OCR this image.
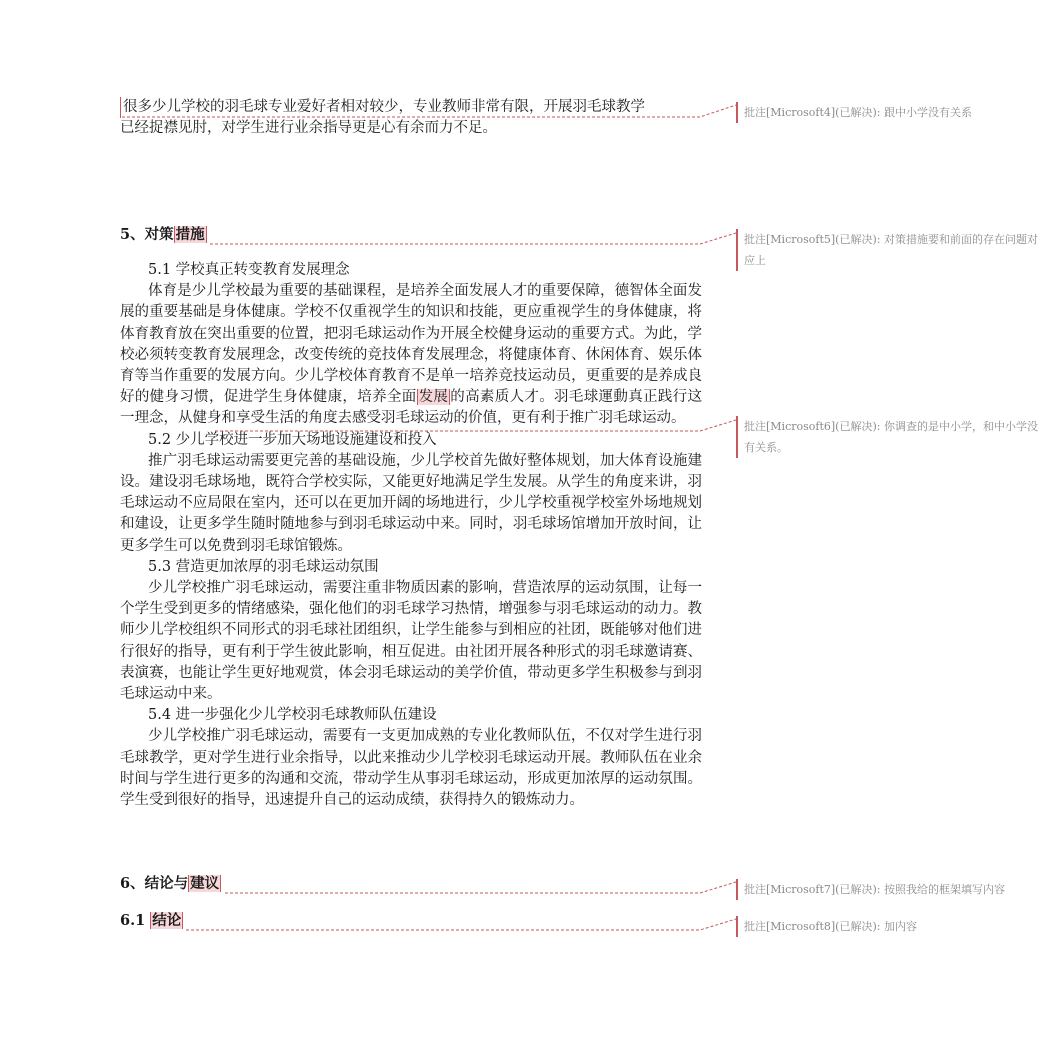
很多少儿学校的羽毛球专业爱好者相对较少，专业教师非常有限，开展羽毛球教学

已经捉襟见肘，对学生进行业余指导更是心有余而力不足。

5、对策 措施

5.1 学校真正转变教育发展理念

体育是少儿学校最为重要的基础课程，是培养全面发展人才的重要保障，德智体全面发展的重要基础是身体健康。学校不仅重视学生的知识和技能，更应重视学生的身体健康，将体育教育放在突出重要的位置，把羽毛球运动作为开展全校健身运动的重要方式。为此，学校必须转变教育发展理念，改变传统的竞技体育发展理念，将健康体育、休闲体育、娱乐体育等当作重要的发展方向。少儿学校体育教育不是单一培养竞技运动员，更重要的是养成良好的健身习惯，促进学生身体健康，培养全面 发展 的高素质人才。羽毛球運動真正践行这一理念，从健身和享受生活的角度去感受羽毛球运动的价值，更有利于推广羽毛球运动。

5.2 少儿学校进一步加大场地设施建设和投入

推广羽毛球运动需要更完善的基础设施，少儿学校首先做好整体规划，加大体育设施建设。建设羽毛球场地，既符合学校实际，又能更好地满足学生发展。从学生的角度来讲，羽毛球运动不应局限在室内，还可以在更加开阔的场地进行，少儿学校重视学校室外场地规划和建设，让更多学生随时随地参与到羽毛球运动中来。同时，羽毛球场馆增加开放时间，让更多学生可以免费到羽毛球馆锻炼。

5.3 营造更加浓厚的羽毛球运动氛围

少儿学校推广羽毛球运动，需要注重非物质因素的影响，营造浓厚的运动氛围，让每一个学生受到更多的情绪感染，强化他们的羽毛球学习热情，增强参与羽毛球运动的动力。教师少儿学校组织不同形式的羽毛球社团组织，让学生能参与到相应的社团，既能够对他们进行很好的指导，更有利于学生彼此影响，相互促进。由社团开展各种形式的羽毛球邀请赛、表演赛，也能让学生更好地观赏，体会羽毛球运动的美学价值，带动更多学生积极参与到羽毛球运动中来。

5.4 进一步强化少儿学校羽毛球教师队伍建设

少儿学校推广羽毛球运动，需要有一支更加成熟的专业化教师队伍，不仅对学生进行羽毛球教学，更对学生进行业余指导，以此来推动少儿学校羽毛球运动开展。教师队伍在业余时间与学生进行更多的沟通和交流，带动学生从事羽毛球运动，形成更加浓厚的运动氛围。学生受到很好的指导，迅速提升自己的运动成绩，获得持久的锻炼动力。

6、结论与 建议

6.1 结论

批注[Microsoft4](已解决): 跟中小学没有关系
批注[Microsoft5](已解决): 对策措施要和前面的存在问题对应上
批注[Microsoft6](已解决): 你调查的是中小学，和中小学没有关系。
批注[Microsoft7](已解决): 按照我给的框架填写内容
批注[Microsoft8](已解决): 加内容
